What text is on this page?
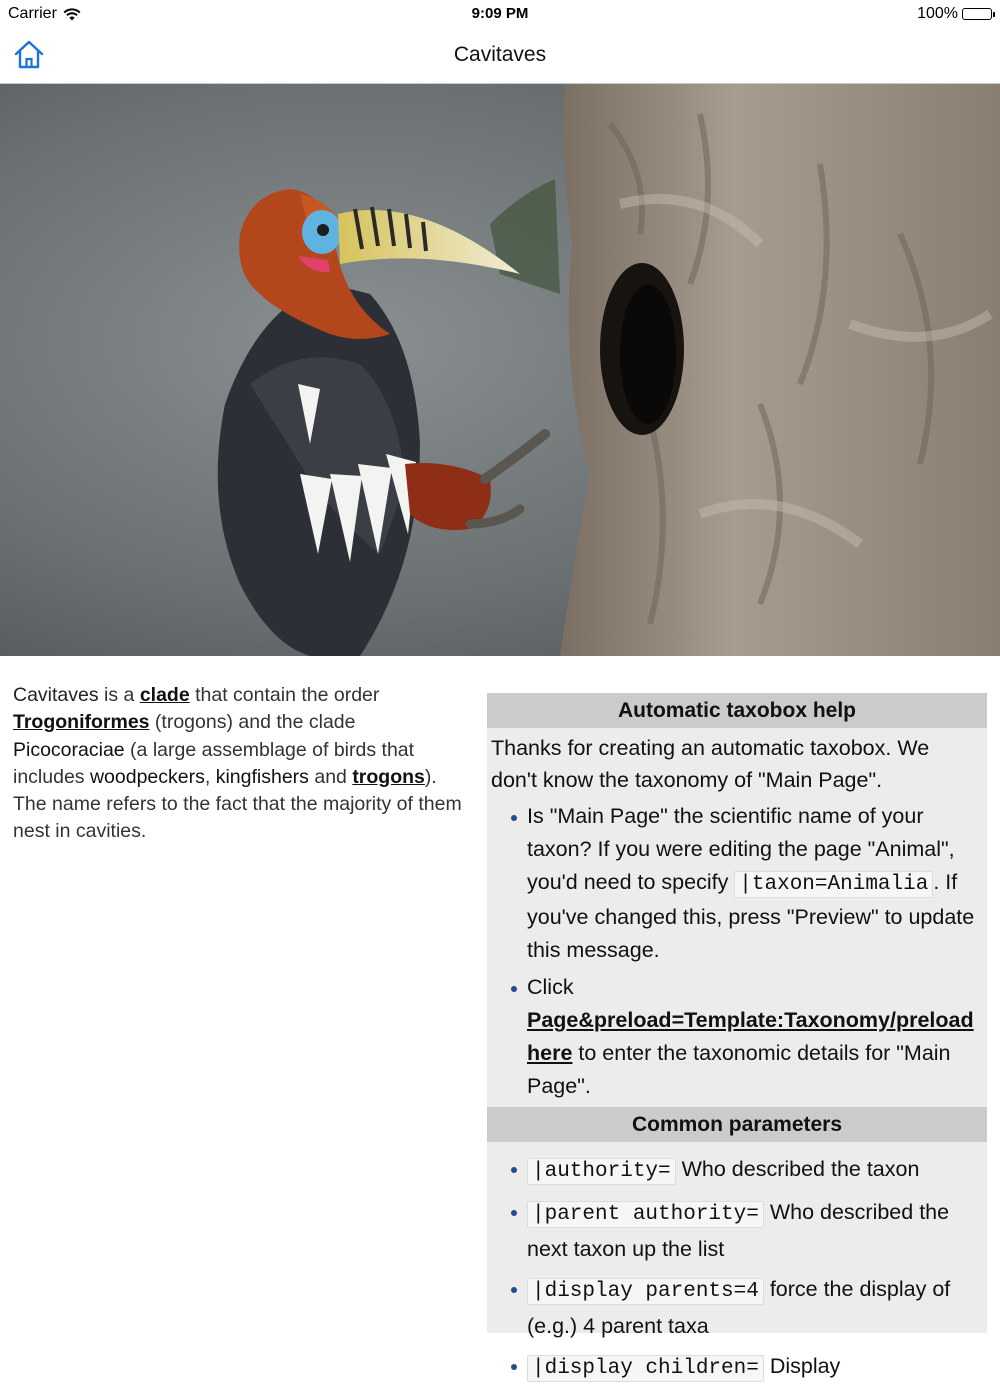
Carrier	9:09 PM	100%
Cavitaves
Cavitaves is a clade that contain the order Trogoniformes (trogons) and the clade Picocoraciae (a large assemblage of birds that includes woodpeckers, kingfishers and trogons). The name refers to the fact that the majority of them nest in cavities.
Automatic taxobox help
Thanks for creating an automatic taxobox. We don't know the taxonomy of "Main Page".
Is "Main Page" the scientific name of your taxon? If you were editing the page "Animal", you'd need to specify |taxon=Animalia . If you've changed this, press "Preview" to update this message.
Click Page&preload=Template:Taxonomy/preload here to enter the taxonomic details for "Main Page".
Common parameters
|authority= Who described the taxon
|parent authority= Who described the next taxon up the list
|display parents=4 force the display of (e.g.) 4 parent taxa
|display children= Display
